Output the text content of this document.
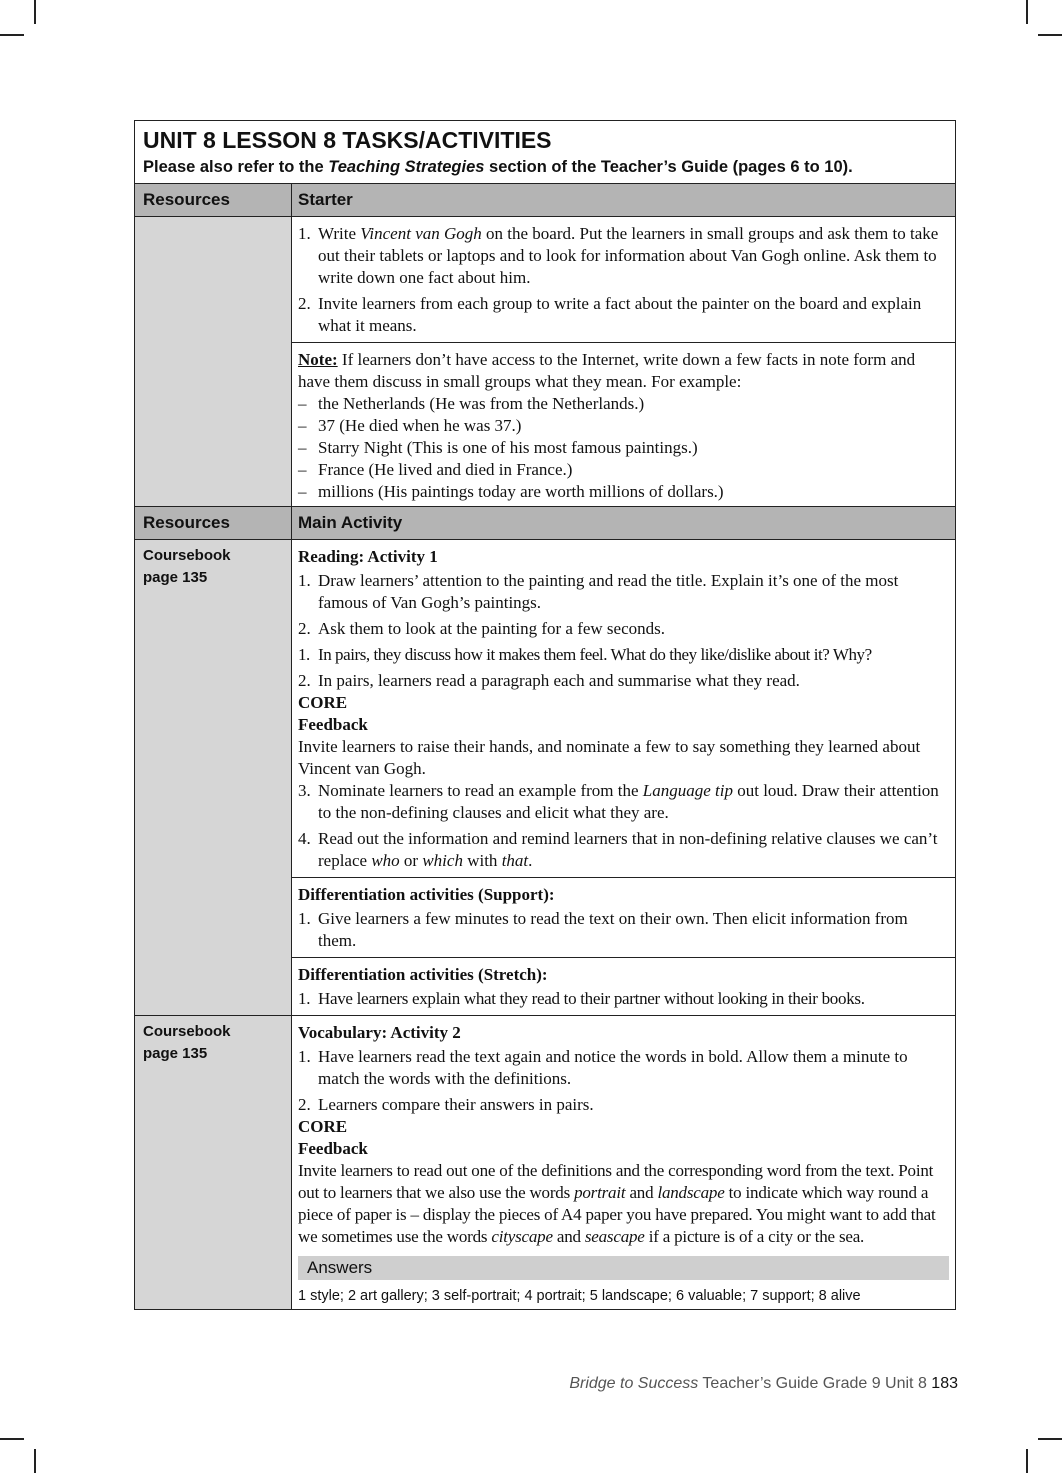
UNIT 8 LESSON 8 TASKS/ACTIVITIES
Please also refer to the Teaching Strategies section of the Teacher’s Guide (pages 6 to 10).
Resources	Starter
1. Write Vincent van Gogh on the board. Put the learners in small groups and ask them to take out their tablets or laptops and to look for information about Van Gogh online. Ask them to write down one fact about him.
2. Invite learners from each group to write a fact about the painter on the board and explain what it means.
Note: If learners don’t have access to the Internet, write down a few facts in note form and have them discuss in small groups what they mean. For example:
– the Netherlands (He was from the Netherlands.)
– 37 (He died when he was 37.)
– Starry Night (This is one of his most famous paintings.)
– France (He lived and died in France.)
– millions (His paintings today are worth millions of dollars.)
Resources	Main Activity
Coursebook page 135
Reading: Activity 1
1. Draw learners’ attention to the painting and read the title. Explain it’s one of the most famous of Van Gogh’s paintings.
2. Ask them to look at the painting for a few seconds.
1. In pairs, they discuss how it makes them feel. What do they like/dislike about it? Why?
2. In pairs, learners read a paragraph each and summarise what they read.
CORE
Feedback
Invite learners to raise their hands, and nominate a few to say something they learned about Vincent van Gogh.
3. Nominate learners to read an example from the Language tip out loud. Draw their attention to the non-defining clauses and elicit what they are.
4. Read out the information and remind learners that in non-defining relative clauses we can’t replace who or which with that.
Differentiation activities (Support):
1. Give learners a few minutes to read the text on their own. Then elicit information from them.
Differentiation activities (Stretch):
1. Have learners explain what they read to their partner without looking in their books.
Coursebook page 135
Vocabulary: Activity 2
1. Have learners read the text again and notice the words in bold. Allow them a minute to match the words with the definitions.
2. Learners compare their answers in pairs.
CORE
Feedback
Invite learners to read out one of the definitions and the corresponding word from the text. Point out to learners that we also use the words portrait and landscape to indicate which way round a piece of paper is – display the pieces of A4 paper you have prepared. You might want to add that we sometimes use the words cityscape and seascape if a picture is of a city or the sea.
Answers
1 style; 2 art gallery; 3 self-portrait; 4 portrait; 5 landscape; 6 valuable; 7 support; 8 alive
Bridge to Success Teacher’s Guide Grade 9 Unit 8 183
